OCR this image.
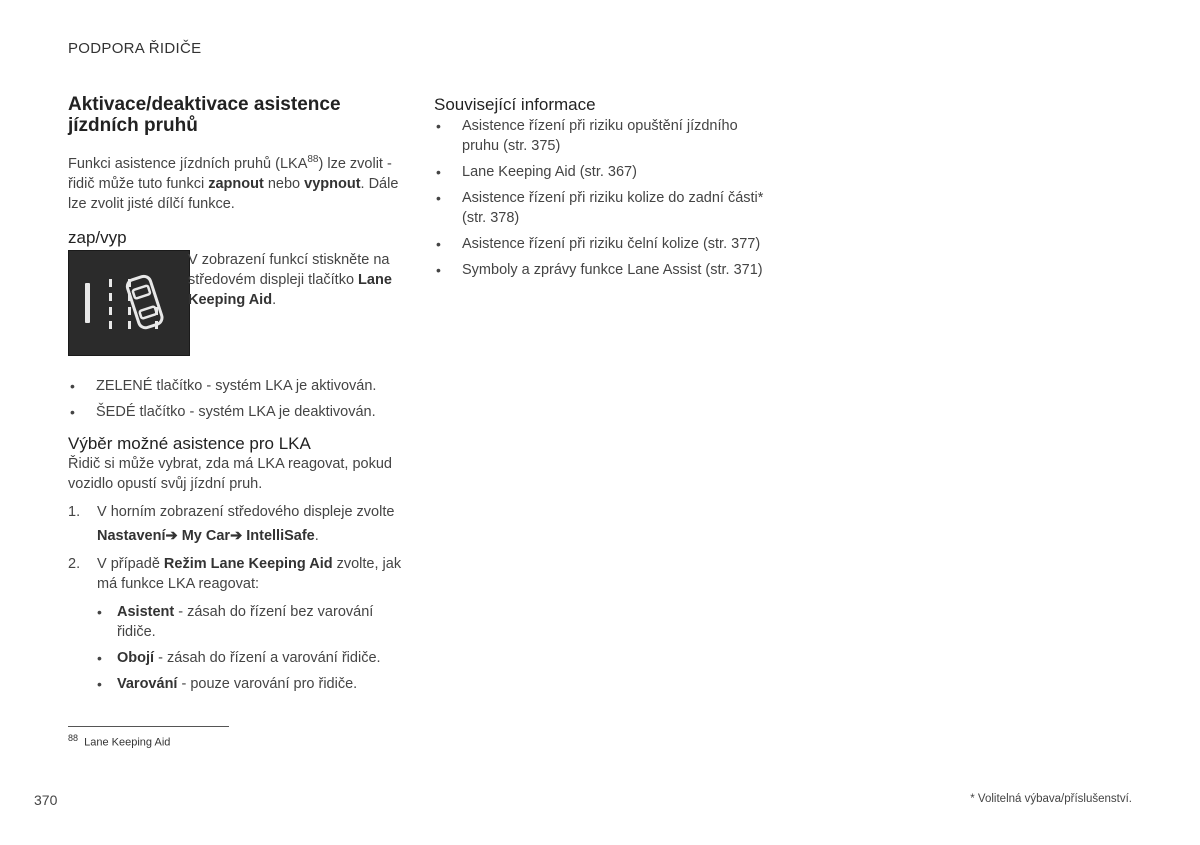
PODPORA ŘIDIČE
Aktivace/deaktivace asistence jízdních pruhů

Funkci asistence jízdních pruhů (LKA$^{88}$) lze zvolit - řidič může tuto funkci zapnout nebo vypnout. Dále lze zvolit jisté dílčí funkce.

zap/vyp

V zobrazení funkcí stiskněte na středovém displeji tlačítko Lane Keeping Aid.

• ZELENÉ tlačítko - systém LKA je aktivován.
• ŠEDÉ tlačítko - systém LKA je deaktivován.
Výběr možné asistence pro LKA

Řidič si může vybrat, zda má LKA reagovat, pokud vozidlo opustí svůj jízdní pruh.

1. V horním zobrazení středového displeje zvolte
Nastavení➔ My Car➔ IntelliSafe.
2. V případě Režim Lane Keeping Aid zvolte, jak má funkce LKA reagovat:
• Asistent - zásah do řízení bez varování řidiče.
• Obojí - zásah do řízení a varování řidiče.
• Varování - pouze varování pro řidiče.
Související informace
• Asistence řízení při riziku opuštění jízdního pruhu (str. 375)
• Lane Keeping Aid (str. 367)
• Asistence řízení při riziku kolize do zadní části* (str. 378)
• Asistence řízení při riziku čelní kolize (str. 377)
• Symboly a zprávy funkce Lane Assist (str. 371)
$^{88}$ Lane Keeping Aid
370	* Volitelná výbava/příslušenství.
